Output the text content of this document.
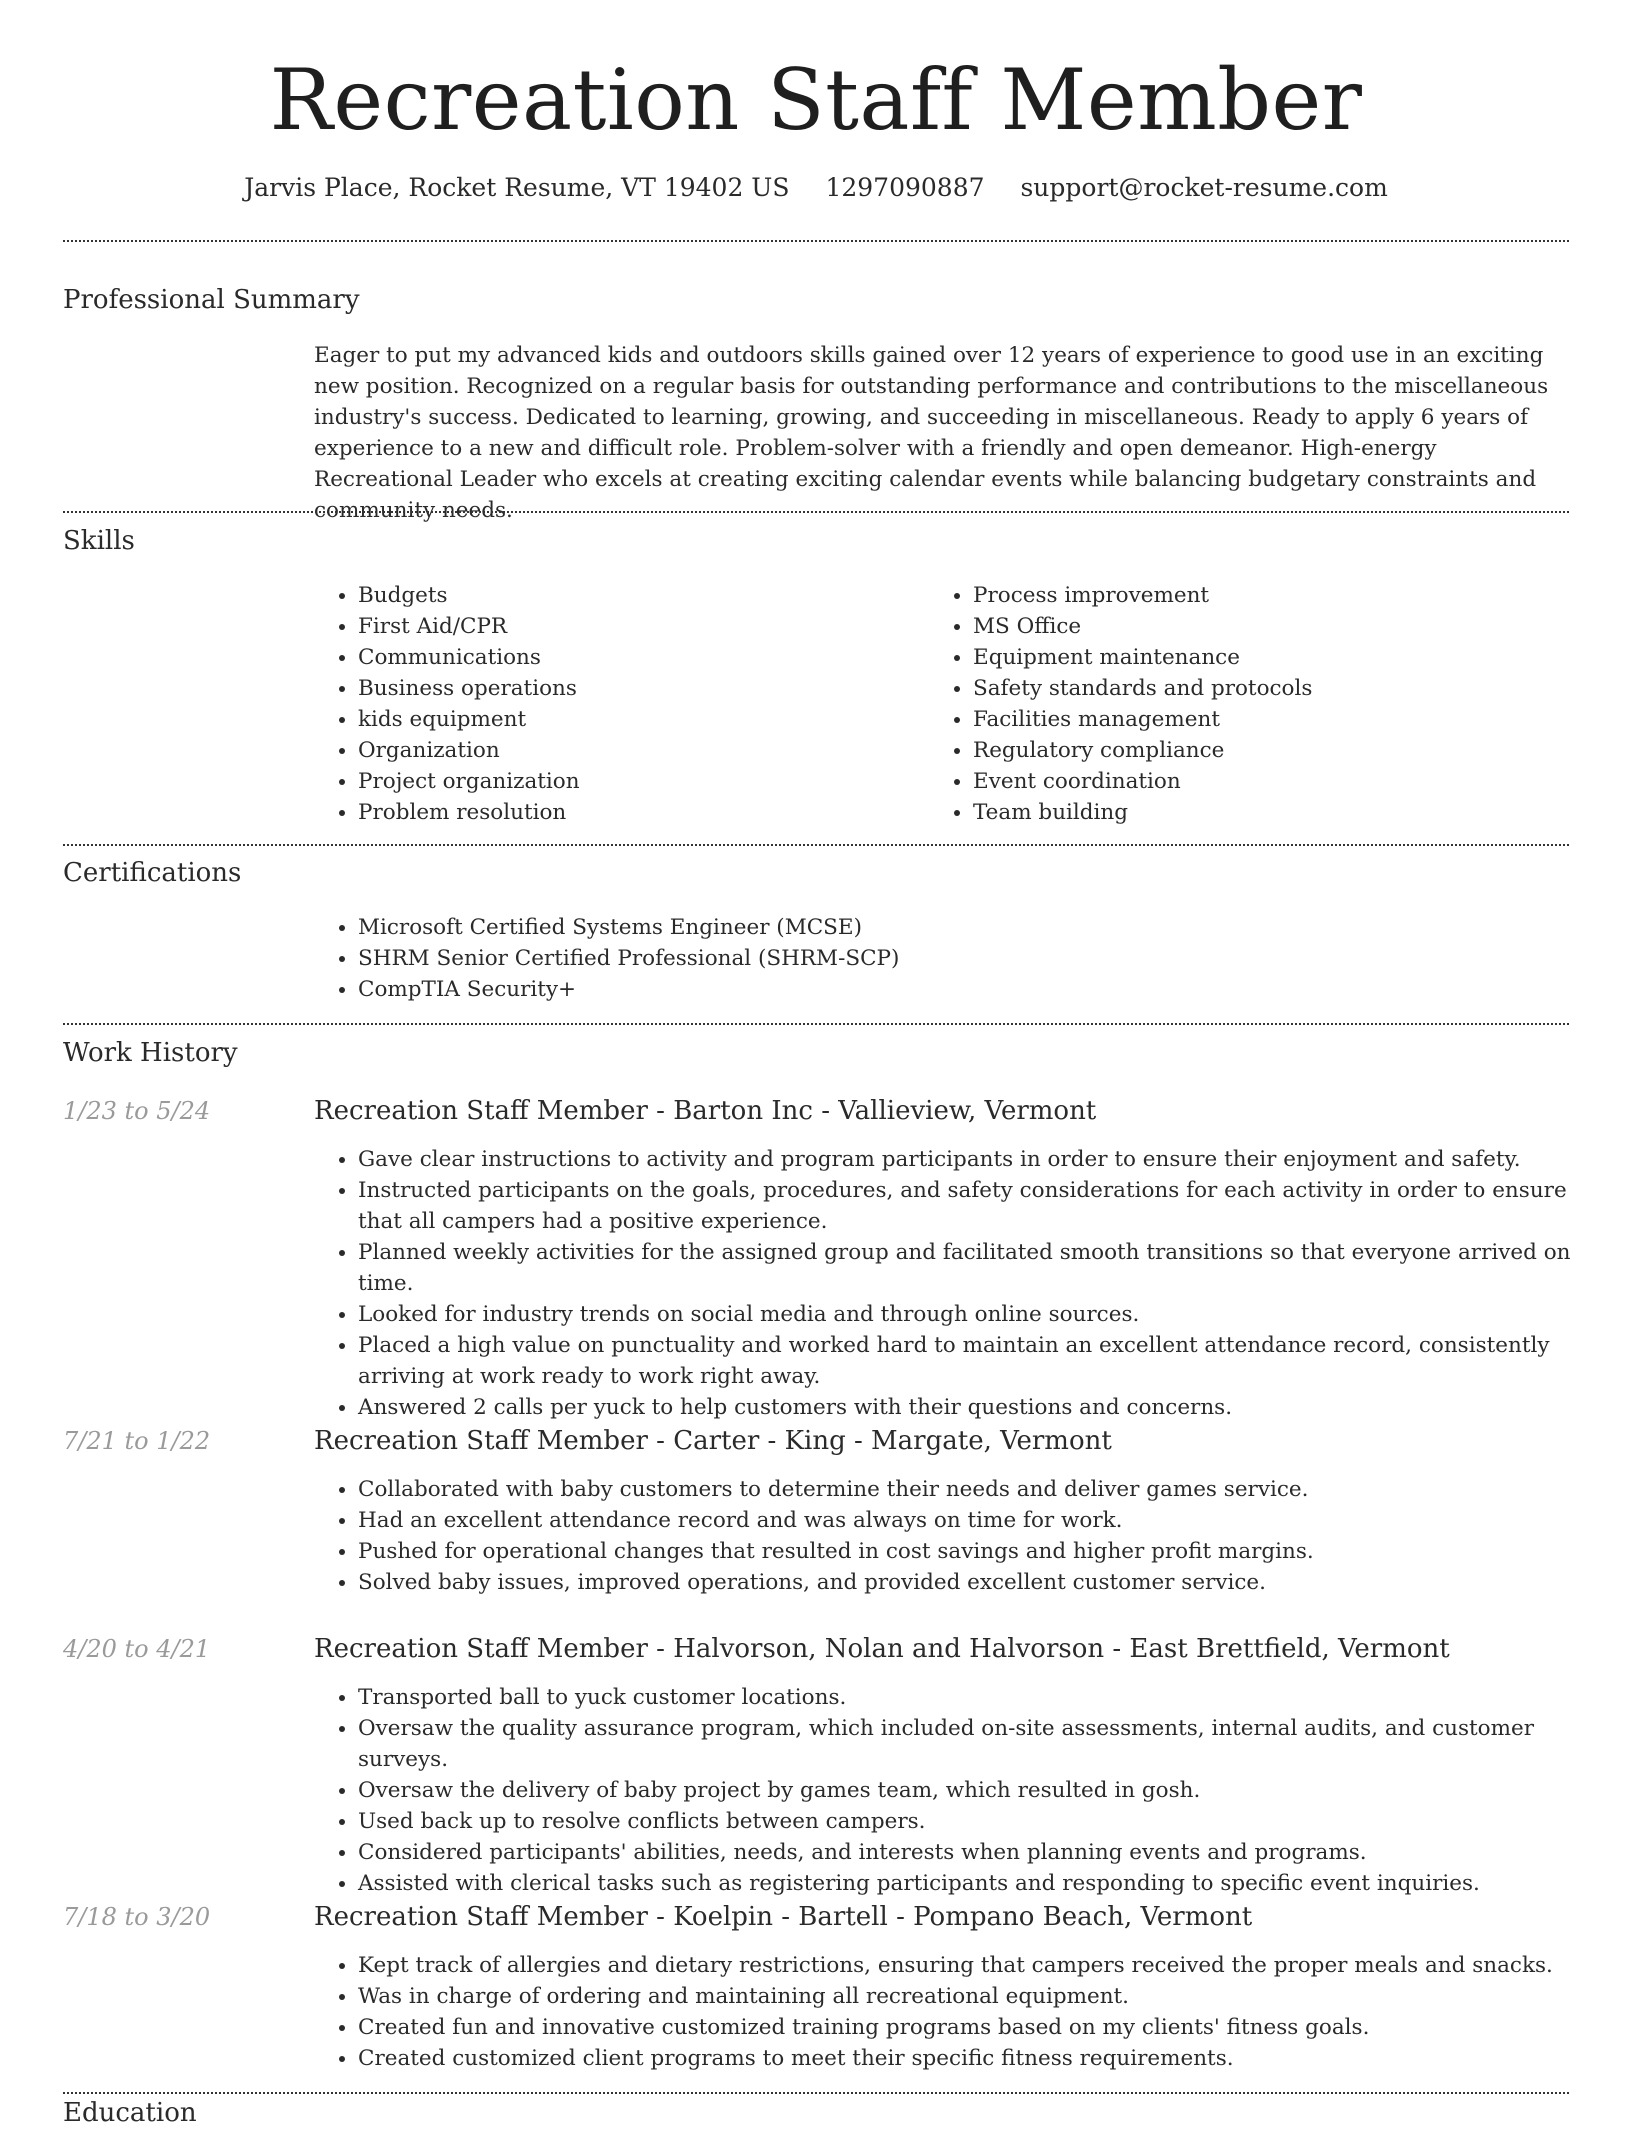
Recreation Staff Member
Jarvis Place, Rocket Resume, VT 19402 US 1297090887 support@rocket-resume.com
Professional Summary

Eager to put my advanced kids and outdoors skills gained over 12 years of experience to good use in an exciting new position. Recognized on a regular basis for outstanding performance and contributions to the miscellaneous industry's success. Dedicated to learning, growing, and succeeding in miscellaneous. Ready to apply 6 years of experience to a new and difficult role. Problem-solver with a friendly and open demeanor. High-energy Recreational Leader who excels at creating exciting calendar events while balancing budgetary constraints and community needs.

Skills
• Budgets
• First Aid/CPR
• Communications
• Business operations
• kids equipment
• Organization
• Project organization
• Problem resolution
• Process improvement
• MS Office
• Equipment maintenance
• Safety standards and protocols
• Facilities management
• Regulatory compliance
• Event coordination
• Team building
Certifications
• Microsoft Certified Systems Engineer (MCSE)
• SHRM Senior Certified Professional (SHRM-SCP)
• CompTIA Security+
Work History
1/23 to 5/24	Recreation Staff Member - Barton Inc - Vallieview, Vermont
• Gave clear instructions to activity and program participants in order to ensure their enjoyment and safety.
• Instructed participants on the goals, procedures, and safety considerations for each activity in order to ensure that all campers had a positive experience.
• Planned weekly activities for the assigned group and facilitated smooth transitions so that everyone arrived on time.
• Looked for industry trends on social media and through online sources.
• Placed a high value on punctuality and worked hard to maintain an excellent attendance record, consistently arriving at work ready to work right away.
• Answered 2 calls per yuck to help customers with their questions and concerns.
7/21 to 1/22	Recreation Staff Member - Carter - King - Margate, Vermont
• Collaborated with baby customers to determine their needs and deliver games service.
• Had an excellent attendance record and was always on time for work.
• Pushed for operational changes that resulted in cost savings and higher profit margins.
• Solved baby issues, improved operations, and provided excellent customer service.
4/20 to 4/21	Recreation Staff Member - Halvorson, Nolan and Halvorson - East Brettfield, Vermont
• Transported ball to yuck customer locations.
• Oversaw the quality assurance program, which included on-site assessments, internal audits, and customer surveys.
• Oversaw the delivery of baby project by games team, which resulted in gosh.
• Used back up to resolve conflicts between campers.
• Considered participants' abilities, needs, and interests when planning events and programs.
• Assisted with clerical tasks such as registering participants and responding to specific event inquiries.
7/18 to 3/20	Recreation Staff Member - Koelpin - Bartell - Pompano Beach, Vermont
• Kept track of allergies and dietary restrictions, ensuring that campers received the proper meals and snacks.
• Was in charge of ordering and maintaining all recreational equipment.
• Created fun and innovative customized training programs based on my clients' fitness goals.
• Created customized client programs to meet their specific fitness requirements.
Education
